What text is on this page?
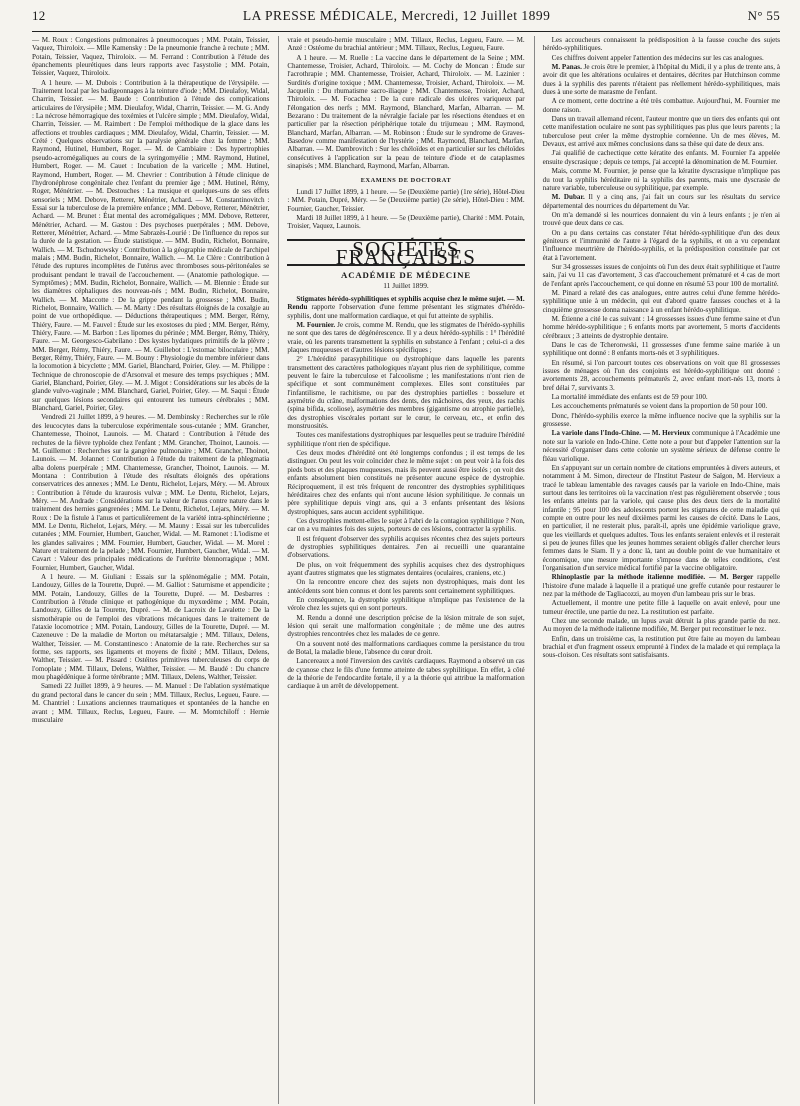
12	LA PRESSE MÉDICALE, Mercredi, 12 Juillet 1899	N° 55

— M. Roux : Congestions pulmonaires à pneumocoques ; MM. Potain, Teissier, Vaquez, Thiroloix. — Mlle Kamensky : De la pneumonie franche à rechute ; MM. Potain, Teissier, Vaquez, Thiroloix. — M. Ferrand : Contribution à l'étude des épanchements pleurétiques dans leurs rapports avec l'asystolie ; MM. Potain, Teissier, Vaquez, Thiroloix.

A 1 heure. — M. Dubois : Contribution à la thérapeutique de l'érysipèle. — Traitement local par les badigeonnages à la teinture d'iode ; MM. Dieulafoy, Widal, Charrin, Teissier. — M. Baude : Contribution à l'étude des complications articulaires de l'érysipèle ; MM. Dieulafoy, Widal, Charrin, Teissier. — M. G. Andy : La nécrose hémorragique des toxémies et l'ulcère simple ; MM. Dieulafoy, Widal, Charrin, Teissier. — M. Raimbert : De l'emploi méthodique de la glace dans les affections et troubles cardiaques ; MM. Dieulafoy, Widal, Charrin, Teissier. — M. Crété : Quelques observations sur la paralysie générale chez la femme ; MM. Raymond, Hutinel, Humbert, Roger. — M. de Cambiaire : Des hypertrophies pseudo-acromégaliques au cours de la syringomyélie ; MM. Raymond, Hutinel, Humbert, Roger. — M. Cauet : Incubation de la varicelle ; MM. Hutinel, Raymond, Humbert, Roger. — M. Chevrier : Contribution à l'étude clinique de l'hydronéphrose congénitale chez l'enfant du premier âge ; MM. Hutinel, Rémy, Roger, Ménétrier. — M. Destouches : La musique et quelques-uns de ses effets sensoriels ; MM. Debove, Retterer, Ménétrier, Achard. — M. Constantinovitch : Essai sur la tuberculose de la première enfance ; MM. Debove, Retterer, Ménétrier, Achard. — M. Brunet : État mental des acromégaliques ; MM. Debove, Retterer, Ménétrier, Achard. — M. Gastou : Des psychoses puerpérales ; MM. Debove, Retterer, Ménétrier, Achard. — Mme Sabrazès-Lourié : De l'influence du repos sur la durée de la gestation. — Étude statistique. — MM. Budin, Richelot, Bonnaire, Wallich. — M. Tschudnowsky : Contribution à la géographie médicale de l'archipel malais ; MM. Budin, Richelot, Bonnaire, Wallich. — M. Le Clère : Contribution à l'étude des ruptures incomplètes de l'utérus avec thromboses sous-péritonéales se produisant pendant le travail de l'accouchement. — (Anatomie pathologique. — Symptômes) ; MM. Budin, Richelot, Bonnaire, Wallich. — M. Blennie : Étude sur les diamètres céphaliques des nouveau-nés ; MM. Budin, Richelot, Bonnaire, Wallich. — M. Maccotte : De la grippe pendant la grossesse ; MM. Budin, Richelot, Bonnaire, Wallich. — M. Marty : Des résultats éloignés de la coxalgie au point de vue orthopédique. — Déductions thérapeutiques ; MM. Berger, Rémy, Thiéry, Faure. — M. Fauvel : Étude sur les exostoses du pied ; MM. Berger, Rémy, Thiéry, Faure. — M. Barbon : Les lipomes du périnée ; MM. Berger, Rémy, Thiéry, Faure. — M. Georgesco-Gabrilano : Des kystes hydatiques primitifs de la plèvre ; MM. Berger, Rémy, Thiéry, Faure. — M. Guillebot : L'estomac biloculaire ; MM. Berger, Rémy, Thiéry, Faure. — M. Bouny : Physiologie du membre inférieur dans la locomotion à bicyclette ; MM. Gariel, Blanchard, Poirier, Gley. — M. Philippe : Technique de chronoscopie de d'Arsonval et mesure des temps psychiques ; MM. Gariel, Blanchard, Poirier, Gley. — M. J. Migot : Considérations sur les abcès de la glande vulvo-vaginale ; MM. Blanchard, Gariel, Poirier, Gley. — M. Saqui : Étude sur quelques lésions secondaires qui entourent les tumeurs cérébrales ; MM. Blanchard, Gariel, Poirier, Gley.

Vendredi 21 Juillet 1899, à 9 heures. — M. Dembinsky : Recherches sur le rôle des leucocytes dans la tuberculose expérimentale sous-cutanée ; MM. Grancher, Chantemesse, Thoinot, Launois. — M. Chatard : Contribution à l'étude des rechutes de la fièvre typhoïde chez l'enfant ; MM. Grancher, Thoinot, Launois. — M. Guillemot : Recherches sur la gangrène pulmonaire ; MM. Grancher, Thoinot, Launois. — M. Jolannet : Contribution à l'étude du traitement de la phlegmatia alba dolens puerpérale ; MM. Chantemesse, Grancher, Thoinot, Launois. — M. Montana : Contribution à l'étude des résultats éloignés des opérations conservatrices des annexes ; MM. Le Dentu, Richelot, Lejars, Méry. — M. Abroux : Contribution à l'étude du kraurosis vulvæ ; MM. Le Dentu, Richelot, Lejars, Méry. — M. Andrade : Considérations sur la valeur de l'anus contre nature dans le traitement des hernies gangrenées ; MM. Le Dentu, Richelot, Lejars, Méry. — M. Roux : De la fistule à l'anus et particulièrement de la variété intra-sphinctérienne ; MM. Le Dentu, Richelot, Lejars, Méry. — M. Mauny : Essai sur les tuberculides cutanées ; MM. Fournier, Humbert, Gaucher, Widal. — M. Ramonet : L'iodisme et les glandes salivaires ; MM. Fournier, Humbert, Gaucher, Widal. — M. Morel : Nature et traitement de la pelade ; MM. Fournier, Humbert, Gaucher, Widal. — M. Cavart : Valeur des principales médications de l'urétrite blennorragique ; MM. Fournier, Humbert, Gaucher, Widal.

A 1 heure. — M. Giuliani : Essais sur la splénomégalie ; MM. Potain, Landouzy, Gilles de la Tourette, Dupré. — M. Galliot : Saturnisme et appendicite ; MM. Potain, Landouzy, Gilles de la Tourette, Dupré. — M. Desbarres : Contribution à l'étude clinique et pathogénique du myxœdème ; MM. Potain, Landouzy, Gilles de la Tourette, Dupré. — M. de Lacroix de Lavalette : De la sismothérapie ou de l'emploi des vibrations mécaniques dans le traitement de l'ataxie locomotrice ; MM. Potain, Landouzy, Gilles de la Tourette, Dupré. — M. Cazeneuve : De la maladie de Morton ou métatarsalgie ; MM. Tillaux, Delens, Walther, Teissier. — M. Constantinesco : Anatomie de la rate. Recherches sur sa forme, ses rapports, ses ligaments et moyens de fixité ; MM. Tillaux, Delens, Walther, Teissier. — M. Pissard : Ostéites primitives tuberculeuses du corps de l'omoplate ; MM. Tillaux, Delens, Walther, Teissier. — M. Baudé : Du chancre mou phagédénique à forme térébrante ; MM. Tillaux, Delens, Walther, Teissier.

Samedi 22 Juillet 1899, à 9 heures. — M. Manuel : De l'ablation systématique du grand pectoral dans le cancer du sein ; MM. Tillaux, Reclus, Legueu, Faure. — M. Chantriel : Luxations anciennes traumatiques et spontanées de la hanche en avant ; MM. Tillaux, Reclus, Legueu, Faure. — M. Momtchiloff : Hernie musculaire

vraie et pseudo-hernie musculaire ; MM. Tillaux, Reclus, Legueu, Faure. — M. Anzé : Ostéome du brachial antérieur ; MM. Tillaux, Reclus, Legueu, Faure.

A 1 heure. — M. Ruelle : La vaccine dans le département de la Seine ; MM. Chantemesse, Troisier, Achard, Thiroloix. — M. Cochy de Moncan : Étude sur l'acrothrapie ; MM. Chantemesse, Troisier, Achard, Thiroloix. — M. Lazinier : Surdités d'origine toxique ; MM. Chantemesse, Troisier, Achard, Thiroloix. — M. Jacquelin : Du rhumatisme sacro-iliaque ; MM. Chantemesse, Troisier, Achard, Thiroloix. — M. Focachea : De la cure radicale des ulcères variqueux par l'élongation des nerfs ; MM. Raymond, Blanchard, Marfan, Albarran. — M. Bezarano : Du traitement de la névralgie faciale par les résections étendues et en particulier par la résection périphérique totale du trijumeau ; MM. Raymond, Blanchard, Marfan, Albarran. — M. Robinson : Étude sur le syndrome de Graves-Basedow comme manifestation de l'hystérie ; MM. Raymond, Blanchard, Marfan, Albarran. — M. Dambrovitch : Sur les chéloïdes et en particulier sur les chéloïdes consécutives à l'application sur la peau de teinture d'iode et de cataplasmes sinapisés ; MM. Blanchard, Raymond, Marfan, Albarran.

EXAMENS DE DOCTORAT

Lundi 17 Juillet 1899, à 1 heure. — 5e (Deuxième partie) (1re série), Hôtel-Dieu : MM. Potain, Dupré, Méry. — 5e (Deuxième partie) (2e série), Hôtel-Dieu : MM. Fournier, Gaucher, Teissier.

Mardi 18 Juillet 1899, à 1 heure. — 5e (Deuxième partie), Charité : MM. Potain, Troisier, Vaquez, Launois.

SOCIÉTÉS FRANÇAISES
ACADÉMIE DE MÉDECINE
11 Juillet 1899.

Stigmates hérédo-syphilitiques et syphilis acquise chez le même sujet. — M. Rendu rapporte l'observation d'une femme présentant les stigmates d'hérédo-syphilis, dont une malformation cardiaque, et qui fut atteinte de syphilis.

M. Fournier. Je crois, comme M. Rendu, que les stigmates de l'hérédo-syphilis ne sont que des tares de dégénérescence. Il y a deux hérédo-syphilis : 1° l'hérédité vraie, où les parents transmettent la syphilis en substance à l'enfant ; celui-ci a des plaques muqueuses et d'autres lésions spécifiques ;

2° L'hérédité parasyphilitique ou dystrophique dans laquelle les parents transmettent des caractères pathologiques n'ayant plus rien de syphilitique, comme peuvent le faire la tuberculose et l'alcoolisme ; les manifestations n'ont rien de spécifique et sont communément complexes. Elles sont constituées par l'infantilisme, le rachitisme, ou par des dystrophies partielles : bosselure et asymétrie du crâne, malformations des dents, des mâchoires, des yeux, des rachis (spina bifida, scoliose), asymétrie des membres (gigantisme ou atrophie partielle), des dystrophies viscérales portant sur le cœur, le cerveau, etc., et enfin des monstruosités.

Toutes ces manifestations dystrophiques par lesquelles peut se traduire l'hérédité syphilitique n'ont rien de spécifique.

Ces deux modes d'hérédité ont été longtemps confondus ; il est temps de les distinguer. On peut les voir coïncider chez le même sujet : on peut voir à la fois des pieds bots et des plaques muqueuses, mais ils peuvent aussi être isolés ; on voit des enfants absolument bien constitués ne présenter aucune espèce de dystrophie. Réciproquement, il est très fréquent de rencontrer des dystrophies syphilitiques héréditaires chez des enfants qui n'ont aucune lésion syphilitique. Je connais un père syphilitique depuis vingt ans, qui a 3 enfants présentant des lésions dystrophiques, sans aucun accident syphilitique.

Ces dystrophies mettent-elles le sujet à l'abri de la contagion syphilitique ? Non, car on a vu maintes fois des sujets, porteurs de ces lésions, contracter la syphilis.

Il est fréquent d'observer des syphilis acquises récentes chez des sujets porteurs de dystrophies syphilitiques dentaires. J'en ai recueilli une quarantaine d'observations.

De plus, on voit fréquemment des syphilis acquises chez des dystrophiques ayant d'autres stigmates que les stigmates dentaires (oculaires, craniens, etc.)

On la rencontre encore chez des sujets non dystrophiques, mais dont les antécédents sont bien connus et dont les parents sont certainement syphilitiques.

En conséquence, la dystrophie syphilitique n'implique pas l'existence de la vérole chez les sujets qui en sont porteurs.

M. Rendu a donné une description précise de la lésion mitrale de son sujet, lésion qui serait une malformation congénitale ; de même une des autres dystrophies rencontrées chez les malades de ce genre.

On a souvent noté des malformations cardiaques comme la persistance du trou de Botal, la maladie bleue, l'absence du cœur droit.

Lancereaux a noté l'inversion des cavités cardiaques. Raymond a observé un cas de cyanose chez le fils d'une femme atteinte de tabes syphilitique. En effet, à côté de la théorie de l'endocardite fœtale, il y a la théorie qui attribue la malformation cardiaque à un arrêt de développement.

Les accoucheurs connaissent la prédisposition à la fausse couche des sujets hérédo-syphilitiques.

Ces chiffres doivent appeler l'attention des médecins sur les cas analogues.

M. Panas. Je crois être le premier, à l'hôpital du Midi, il y a plus de trente ans, à avoir dit que les altérations oculaires et dentaires, décrites par Hutchinson comme dues à la syphilis des parents n'étaient pas réellement hérédo-syphilitiques, mais dues à une sorte de marasme de l'enfant.

A ce moment, cette doctrine a été très combattue. Aujourd'hui, M. Fournier me donne raison.

Dans un travail allemand récent, l'auteur montre que un tiers des enfants qui ont cette manifestation oculaire ne sont pas syphilitiques pas plus que leurs parents ; la tuberculose peut créer la même dystrophie cornéenne. Un de mes élèves, M. Devaux, est arrivé aux mêmes conclusions dans sa thèse qui date de deux ans.

J'ai qualifié de cachectique cette kératite des enfants. M. Fournier l'a appelée ensuite dyscrasique ; depuis ce temps, j'ai accepté la dénomination de M. Fournier.

Mais, comme M. Fournier, je pense que la kératite dyscrasique n'implique pas du tout la syphilis héréditaire ni la syphilis des parents, mais une dyscrasie de nature variable, tuberculeuse ou syphilitique, par exemple.

M. Dubar. Il y a cinq ans, j'ai fait un cours sur les résultats du service départemental des nourrices du département du Var.

On m'a demandé si les nourrices donnaient du vin à leurs enfants ; je n'en ai trouvé que deux dans ce cas.

On a pu dans certains cas constater l'état hérédo-syphilitique d'un des deux géniteurs et l'immunité de l'autre à l'égard de la syphilis, et on a vu cependant l'influence meurtrière de l'hérédo-syphilis, et la prédisposition constituée par cet état à l'avortement.

Sur 34 grossesses issues de conjoints où l'un des deux était syphilitique et l'autre sain, j'ai vu 11 cas d'avortement, 3 cas d'accouchement prématuré et 4 cas de mort de l'enfant après l'accouchement, ce qui donne en résumé 53 pour 100 de mortalité.

M. Pinard a relaté des cas analogues, entre autres celui d'une femme hérédo-syphilitique unie à un médecin, qui eut d'abord quatre fausses couches et à la cinquième grossesse donna naissance à un enfant hérédo-syphilitique.

M. Étienne a cité le cas suivant : 14 grossesses issues d'une femme saine et d'un homme hérédo-syphilitique ; 6 enfants morts par avortement, 5 morts d'accidents cérébraux ; 3 atteints de dystrophie dentaire.

Dans le cas de Tcheronwski, 11 grossesses d'une femme saine mariée à un syphilitique ont donné : 8 enfants morts-nés et 3 syphilitiques.

En résumé, si l'on parcourt toutes ces observations on voit que 81 grossesses issues de ménages où l'un des conjoints est hérédo-syphilitique ont donné : avortements 28, accouchements prématurés 2, avec enfant mort-nés 13, morts à bref délai 7, survivants 3.

La mortalité immédiate des enfants est de 59 pour 100.

Les accouchements prématurés se voient dans la proportion de 50 pour 100.

Donc, l'hérédo-syphilis exerce la même influence nocive que la syphilis sur la grossesse.

La variole dans l'Indo-Chine. — M. Hervieux communique à l'Académie une note sur la variole en Indo-Chine. Cette note a pour but d'appeler l'attention sur la nécessité d'organiser dans cette colonie un système sérieux de défense contre le fléau variolique.

En s'appuyant sur un certain nombre de citations empruntées à divers auteurs, et notamment à M. Simon, directeur de l'Institut Pasteur de Saïgon, M. Hervieux a tracé le tableau lamentable des ravages causés par la variole en Indo-Chine, mais surtout dans les territoires où la vaccination n'est pas régulièrement observée ; tous les enfants atteints par la variole, qui cause plus des deux tiers de la mortalité infantile ; 95 pour 100 des adolescents portent les stigmates de cette maladie qui compte en outre pour les neuf dixièmes parmi les causes de cécité. Dans le Laos, en particulier, il ne resterait plus, paraît-il, après une épidémie variolique grave, que les vieillards et quelques adultes. Tous les enfants seraient enlevés et il resterait si peu de jeunes filles que les jeunes hommes seraient obligés d'aller chercher leurs femmes dans le Siam. Il y a donc là, tant au double point de vue humanitaire et économique, une mesure importante s'impose dans de telles conditions, c'est l'organisation d'un service médical fortifié par la vaccine obligatoire.

Rhinoplastie par la méthode italienne modifiée. — M. Berger rappelle l'histoire d'une malade à laquelle il a pratiqué une greffe cutanée pour restaurer le nez par la méthode de Tagliacozzi, au moyen d'un lambeau pris sur le bras.

Actuellement, il montre une petite fille à laquelle on avait enlevé, pour une tumeur érectile, une partie du nez. La restitution est parfaite.

Chez une seconde malade, un lupus avait détruit la plus grande partie du nez. Au moyen de la méthode italienne modifiée, M. Berger put reconstituer le nez.

Enfin, dans un troisième cas, la restitution put être faite au moyen du lambeau brachial et d'un fragment osseux emprunté à l'index de la malade et qui remplaça la sous-cloison. Ces résultats sont satisfaisants.
